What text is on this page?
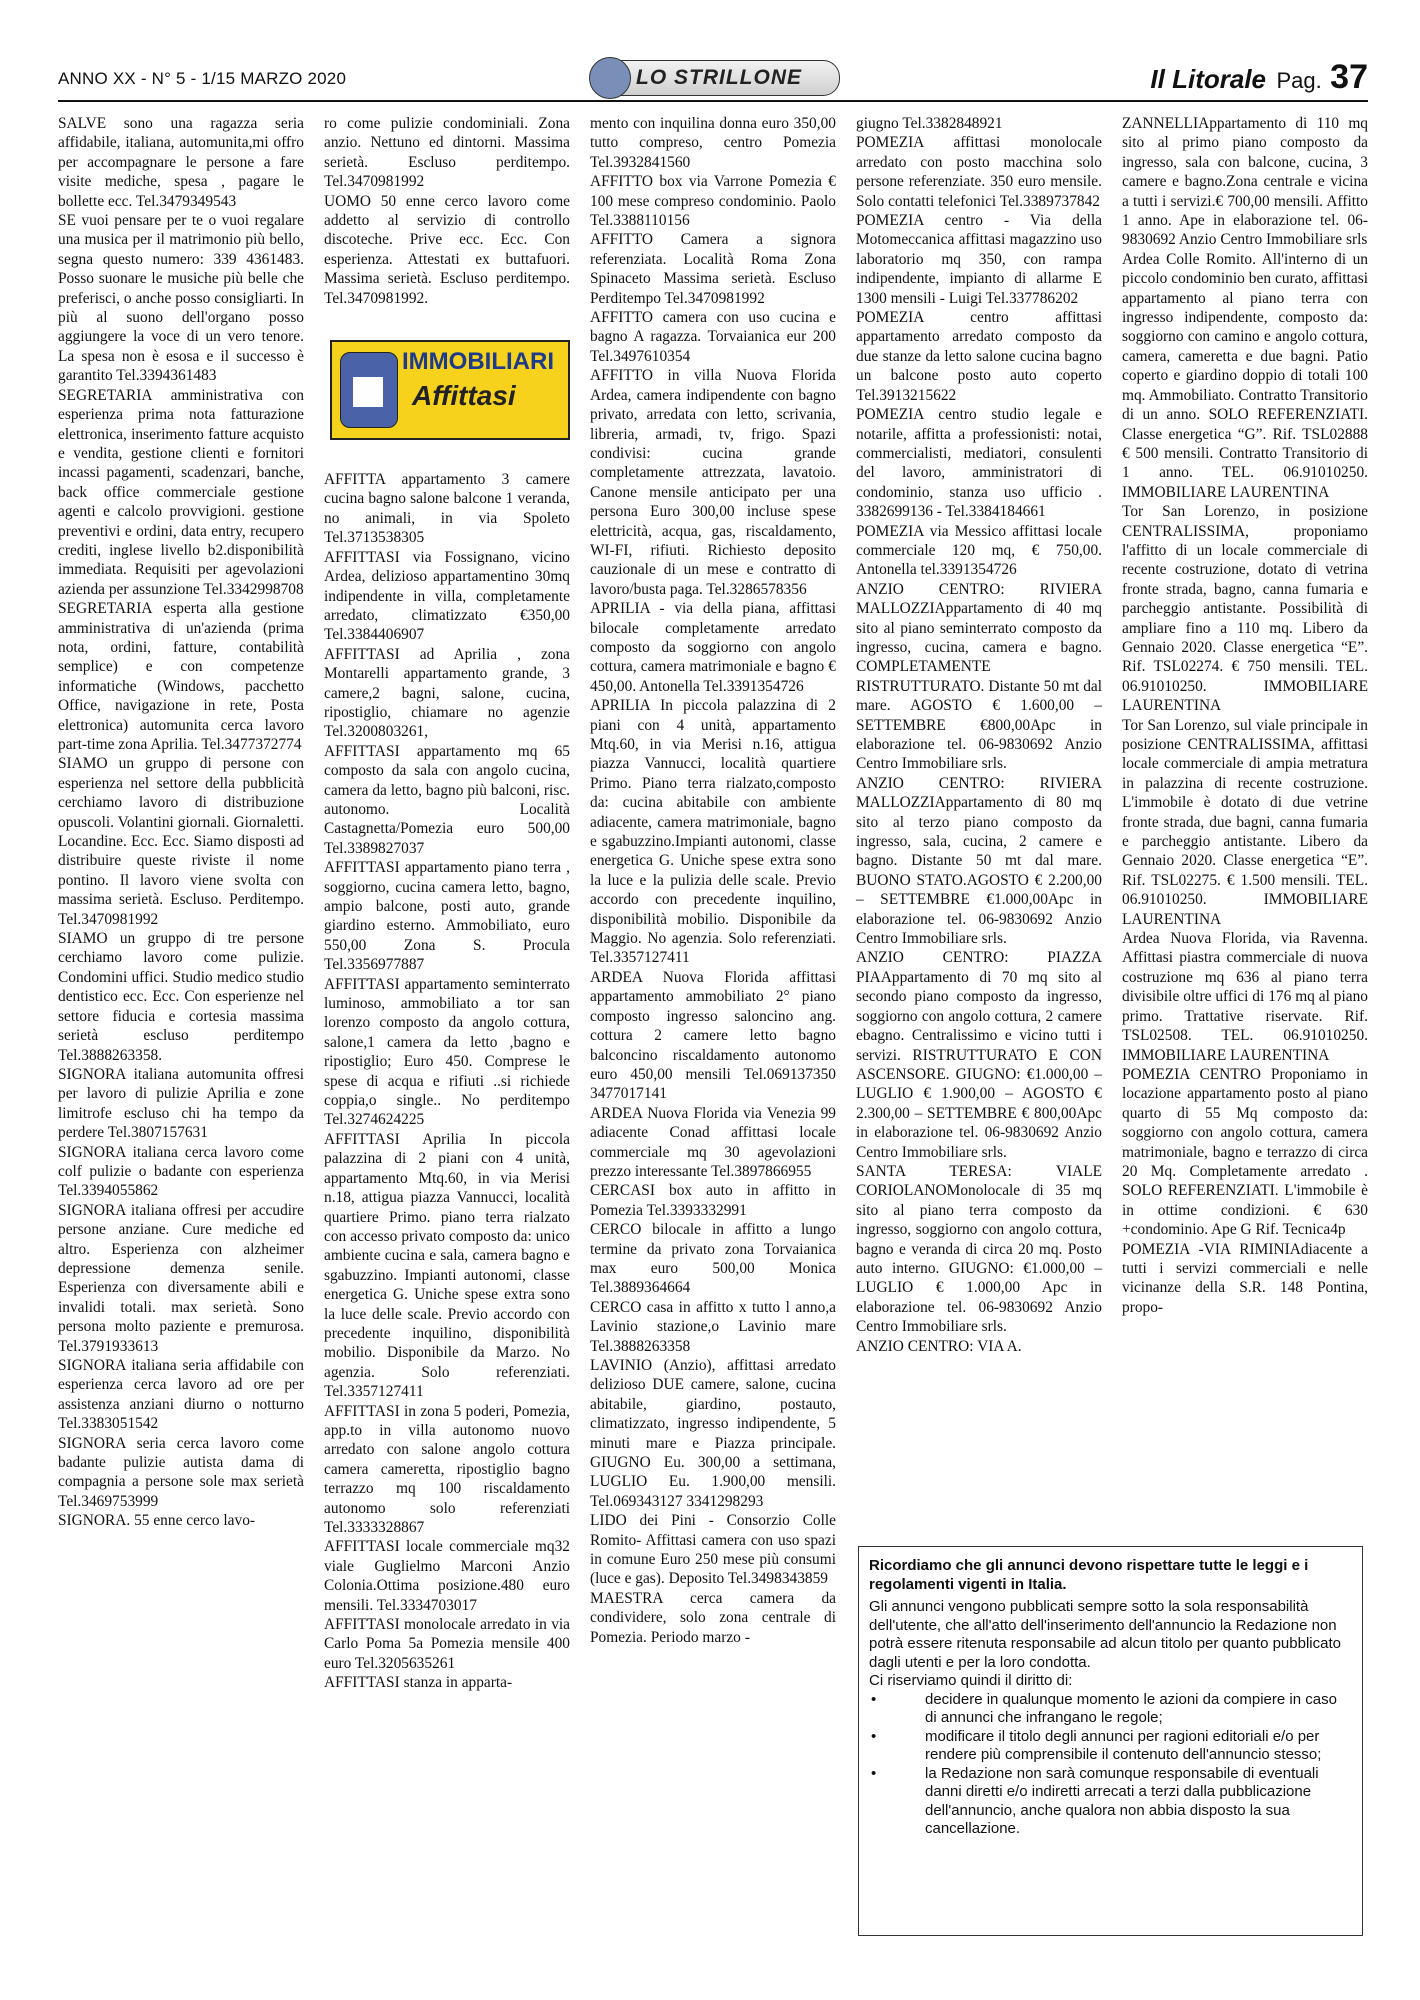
ANNO XX - N° 5 - 1/15 MARZO 2020	LO STRILLONE	Il Litorale Pag. 37

SALVE sono una ragazza seria affidabile, italiana, automunita,mi offro per accompagnare le persone a fare visite mediche, spesa , pagare le bollette ecc. Tel.3479349543

SE vuoi pensare per te o vuoi regalare una musica per il matrimonio più bello, segna questo numero: 339 4361483. Posso suonare le musiche più belle che preferisci, o anche posso consigliarti. In più al suono dell'organo posso aggiungere la voce di un vero tenore. La spesa non è esosa e il successo è garantito Tel.3394361483

SEGRETARIA amministrativa con esperienza prima nota fatturazione elettronica, inserimento fatture acquisto e vendita, gestione clienti e fornitori incassi pagamenti, scadenzari, banche, back office commerciale gestione agenti e calcolo provvigioni. gestione preventivi e ordini, data entry, recupero crediti, inglese livello b2.disponibilità immediata. Requisiti per agevolazioni azienda per assunzione Tel.3342998708

SEGRETARIA esperta alla gestione amministrativa di un'azienda (prima nota, ordini, fatture, contabilità semplice) e con competenze informatiche (Windows, pacchetto Office, navigazione in rete, Posta elettronica) automunita cerca lavoro part-time zona Aprilia. Tel.3477372774

SIAMO un gruppo di persone con esperienza nel settore della pubblicità cerchiamo lavoro di distribuzione opuscoli. Volantini giornali. Giornaletti. Locandine. Ecc. Ecc. Siamo disposti ad distribuire queste riviste il nome pontino. Il lavoro viene svolta con massima serietà. Escluso. Perditempo. Tel.3470981992

SIAMO un gruppo di tre persone cerchiamo lavoro come pulizie. Condomini uffici. Studio medico studio dentistico ecc. Ecc. Con esperienze nel settore fiducia e cortesia massima serietà escluso perditempo Tel.3888263358.

SIGNORA italiana automunita offresi per lavoro di pulizie Aprilia e zone limitrofe escluso chi ha tempo da perdere Tel.3807157631

SIGNORA italiana cerca lavoro come colf pulizie o badante con esperienza Tel.3394055862

SIGNORA italiana offresi per accudire persone anziane. Cure mediche ed altro. Esperienza con alzheimer depressione demenza senile. Esperienza con diversamente abili e invalidi totali. max serietà. Sono persona molto paziente e premurosa. Tel.3791933613

SIGNORA italiana seria affidabile con esperienza cerca lavoro ad ore per assistenza anziani diurno o notturno Tel.3383051542

SIGNORA seria cerca lavoro come badante pulizie autista dama di compagnia a persone sole max serietà Tel.3469753999

SIGNORA. 55 enne cerco lavo-

ro come pulizie condominiali. Zona anzio. Nettuno ed dintorni. Massima serietà. Escluso perditempo. Tel.3470981992

UOMO 50 enne cerco lavoro come addetto al servizio di controllo discoteche. Prive ecc. Ecc. Con esperienza. Attestati ex buttafuori. Massima serietà. Escluso perditempo. Tel.3470981992.

IMMOBILIARI
Affittasi

AFFITTA appartamento 3 camere cucina bagno salone balcone 1 veranda, no animali, in via Spoleto Tel.3713538305

AFFITTASI via Fossignano, vicino Ardea, delizioso appartamentino 30mq indipendente in villa, completamente arredato, climatizzato €350,00 Tel.3384406907

AFFITTASI ad Aprilia , zona Montarelli appartamento grande, 3 camere,2 bagni, salone, cucina, ripostiglio, chiamare no agenzie Tel.3200803261,

AFFITTASI appartamento mq 65 composto da sala con angolo cucina, camera da letto, bagno più balconi, risc. autonomo. Località Castagnetta/Pomezia euro 500,00 Tel.3389827037

AFFITTASI appartamento piano terra , soggiorno, cucina camera letto, bagno, ampio balcone, posti auto, grande giardino esterno. Ammobiliato, euro 550,00 Zona S. Procula Tel.3356977887

AFFITTASI appartamento seminterrato luminoso, ammobiliato a tor san lorenzo composto da angolo cottura, salone,1 camera da letto ,bagno e ripostiglio; Euro 450. Comprese le spese di acqua e rifiuti ..si richiede coppia,o single.. No perditempo Tel.3274624225

AFFITTASI Aprilia In piccola palazzina di 2 piani con 4 unità, appartamento Mtq.60, in via Merisi n.18, attigua piazza Vannucci, località quartiere Primo. piano terra rialzato con accesso privato composto da: unico ambiente cucina e sala, camera bagno e sgabuzzino. Impianti autonomi, classe energetica G. Uniche spese extra sono la luce delle scale. Previo accordo con precedente inquilino, disponibilità mobilio. Disponibile da Marzo. No agenzia. Solo referenziati. Tel.3357127411

AFFITTASI in zona 5 poderi, Pomezia, app.to in villa autonomo nuovo arredato con salone angolo cottura camera cameretta, ripostiglio bagno terrazzo mq 100 riscaldamento autonomo solo referenziati Tel.3333328867

AFFITTASI locale commerciale mq32 viale Guglielmo Marconi Anzio Colonia.Ottima posizione.480 euro mensili. Tel.3334703017

AFFITTASI monolocale arredato in via Carlo Poma 5a Pomezia mensile 400 euro Tel.3205635261

AFFITTASI stanza in apparta-

mento con inquilina donna euro 350,00 tutto compreso, centro Pomezia Tel.3932841560

AFFITTO box via Varrone Pomezia € 100 mese compreso condominio. Paolo Tel.3388110156

AFFITTO Camera a signora referenziata. Località Roma Zona Spinaceto Massima serietà. Escluso Perditempo Tel.3470981992

AFFITTO camera con uso cucina e bagno A ragazza. Torvaianica eur 200 Tel.3497610354

AFFITTO in villa Nuova Florida Ardea, camera indipendente con bagno privato, arredata con letto, scrivania, libreria, armadi, tv, frigo. Spazi condivisi: cucina grande completamente attrezzata, lavatoio. Canone mensile anticipato per una persona Euro 300,00 incluse spese elettricità, acqua, gas, riscaldamento, WI-FI, rifiuti. Richiesto deposito cauzionale di un mese e contratto di lavoro/busta paga. Tel.3286578356

APRILIA - via della piana, affittasi bilocale completamente arredato composto da soggiorno con angolo cottura, camera matrimoniale e bagno € 450,00. Antonella Tel.3391354726

APRILIA In piccola palazzina di 2 piani con 4 unità, appartamento Mtq.60, in via Merisi n.16, attigua piazza Vannucci, località quartiere Primo. Piano terra rialzato,composto da: cucina abitabile con ambiente adiacente, camera matrimoniale, bagno e sgabuzzino.Impianti autonomi, classe energetica G. Uniche spese extra sono la luce e la pulizia delle scale. Previo accordo con precedente inquilino, disponibilità mobilio. Disponibile da Maggio. No agenzia. Solo referenziati. Tel.3357127411

ARDEA Nuova Florida affittasi appartamento ammobiliato 2° piano composto ingresso saloncino ang. cottura 2 camere letto bagno balconcino riscaldamento autonomo euro 450,00 mensili Tel.069137350 3477017141

ARDEA Nuova Florida via Venezia 99 adiacente Conad affittasi locale commerciale mq 30 agevolazioni prezzo interessante Tel.3897866955

CERCASI box auto in affitto in Pomezia Tel.3393332991

CERCO bilocale in affitto a lungo termine da privato zona Torvaianica max euro 500,00 Monica Tel.3889364664

CERCO casa in affitto x tutto l anno,a Lavinio stazione,o Lavinio mare Tel.3888263358

LAVINIO (Anzio), affittasi arredato delizioso DUE camere, salone, cucina abitabile, giardino, postauto, climatizzato, ingresso indipendente, 5 minuti mare e Piazza principale. GIUGNO Eu. 300,00 a settimana, LUGLIO Eu. 1.900,00 mensili. Tel.069343127 3341298293

LIDO dei Pini - Consorzio Colle Romito- Affittasi camera con uso spazi in comune Euro 250 mese più consumi (luce e gas). Deposito Tel.3498343859

MAESTRA cerca camera da condividere, solo zona centrale di Pomezia. Periodo marzo -

giugno Tel.3382848921

POMEZIA affittasi monolocale arredato con posto macchina solo persone referenziate. 350 euro mensile. Solo contatti telefonici Tel.3389737842

POMEZIA centro - Via della Motomeccanica affittasi magazzino uso laboratorio mq 350, con rampa indipendente, impianto di allarme E 1300 mensili - Luigi Tel.337786202

POMEZIA centro affittasi appartamento arredato composto da due stanze da letto salone cucina bagno un balcone posto auto coperto Tel.3913215622

POMEZIA centro studio legale e notarile, affitta a professionisti: notai, commercialisti, mediatori, consulenti del lavoro, amministratori di condominio, stanza uso ufficio . 3382699136 - Tel.3384184661

POMEZIA via Messico affittasi locale commerciale 120 mq, € 750,00. Antonella tel.3391354726

ANZIO CENTRO: RIVIERA MALLOZZIAppartamento di 40 mq sito al piano seminterrato composto da ingresso, cucina, camera e bagno. COMPLETAMENTE RISTRUTTURATO. Distante 50 mt dal mare. AGOSTO € 1.600,00 – SETTEMBRE €800,00Apc in elaborazione tel. 06-9830692 Anzio Centro Immobiliare srls.

ANZIO CENTRO: RIVIERA MALLOZZIAppartamento di 80 mq sito al terzo piano composto da ingresso, sala, cucina, 2 camere e bagno. Distante 50 mt dal mare. BUONO STATO.AGOSTO € 2.200,00 – SETTEMBRE €1.000,00Apc in elaborazione tel. 06-9830692 Anzio Centro Immobiliare srls.

ANZIO CENTRO: PIAZZA PIAAppartamento di 70 mq sito al secondo piano composto da ingresso, soggiorno con angolo cottura, 2 camere ebagno. Centralissimo e vicino tutti i servizi. RISTRUTTURATO E CON ASCENSORE. GIUGNO: €1.000,00 – LUGLIO € 1.900,00 – AGOSTO € 2.300,00 – SETTEMBRE € 800,00Apc in elaborazione tel. 06-9830692 Anzio Centro Immobiliare srls.

SANTA TERESA: VIALE CORIOLANOMonolocale di 35 mq sito al piano terra composto da ingresso, soggiorno con angolo cottura, bagno e veranda di circa 20 mq. Posto auto interno. GIUGNO: €1.000,00 – LUGLIO € 1.000,00 Apc in elaborazione tel. 06-9830692 Anzio Centro Immobiliare srls.

ANZIO CENTRO: VIA A.

ZANNELLIAppartamento di 110 mq sito al primo piano composto da ingresso, sala con balcone, cucina, 3 camere e bagno.Zona centrale e vicina a tutti i servizi.€ 700,00 mensili. Affitto 1 anno. Ape in elaborazione tel. 06-9830692 Anzio Centro Immobiliare srls

Ardea Colle Romito. All'interno di un piccolo condominio ben curato, affittasi appartamento al piano terra con ingresso indipendente, composto da: soggiorno con camino e angolo cottura, camera, cameretta e due bagni. Patio coperto e giardino doppio di totali 100 mq. Ammobiliato. Contratto Transitorio di un anno. SOLO REFERENZIATI. Classe energetica “G”. Rif. TSL02888 € 500 mensili. Contratto Transitorio di 1 anno. TEL. 06.91010250. IMMOBILIARE LAURENTINA

Tor San Lorenzo, in posizione CENTRALISSIMA, proponiamo l'affitto di un locale commerciale di recente costruzione, dotato di vetrina fronte strada, bagno, canna fumaria e parcheggio antistante. Possibilità di ampliare fino a 110 mq. Libero da Gennaio 2020. Classe energetica “E”. Rif. TSL02274. € 750 mensili. TEL. 06.91010250. IMMOBILIARE LAURENTINA

Tor San Lorenzo, sul viale principale in posizione CENTRALISSIMA, affittasi locale commerciale di ampia metratura in palazzina di recente costruzione. L'immobile è dotato di due vetrine fronte strada, due bagni, canna fumaria e parcheggio antistante. Libero da Gennaio 2020. Classe energetica “E”. Rif. TSL02275. € 1.500 mensili. TEL. 06.91010250. IMMOBILIARE LAURENTINA

Ardea Nuova Florida, via Ravenna. Affittasi piastra commerciale di nuova costruzione mq 636 al piano terra divisibile oltre uffici di 176 mq al piano primo. Trattative riservate. Rif. TSL02508. TEL. 06.91010250. IMMOBILIARE LAURENTINA

POMEZIA CENTRO Proponiamo in locazione appartamento posto al piano quarto di 55 Mq composto da: soggiorno con angolo cottura, camera matrimoniale, bagno e terrazzo di circa 20 Mq. Completamente arredato . SOLO REFERENZIATI. L'immobile è in ottime condizioni. € 630 +condominio. Ape G Rif. Tecnica4p

POMEZIA -VIA RIMINIAdiacente a tutti i servizi commerciali e nelle vicinanze della S.R. 148 Pontina, propo-

Ricordiamo che gli annunci devono rispettare tutte le leggi e i regolamenti vigenti in Italia.

Gli annunci vengono pubblicati sempre sotto la sola responsabilità dell'utente, che all'atto dell'inserimento dell'annuncio la Redazione non potrà essere ritenuta responsabile ad alcun titolo per quanto pubblicato dagli utenti e per la loro condotta.

Ci riserviamo quindi il diritto di:

• decidere in qualunque momento le azioni da compiere in caso di annunci che infrangano le regole;
• modificare il titolo degli annunci per ragioni editoriali e/o per rendere più comprensibile il contenuto dell'annuncio stesso;
• la Redazione non sarà comunque responsabile di eventuali danni diretti e/o indiretti arrecati a terzi dalla pubblicazione dell'annuncio, anche qualora non abbia disposto la sua cancellazione.
